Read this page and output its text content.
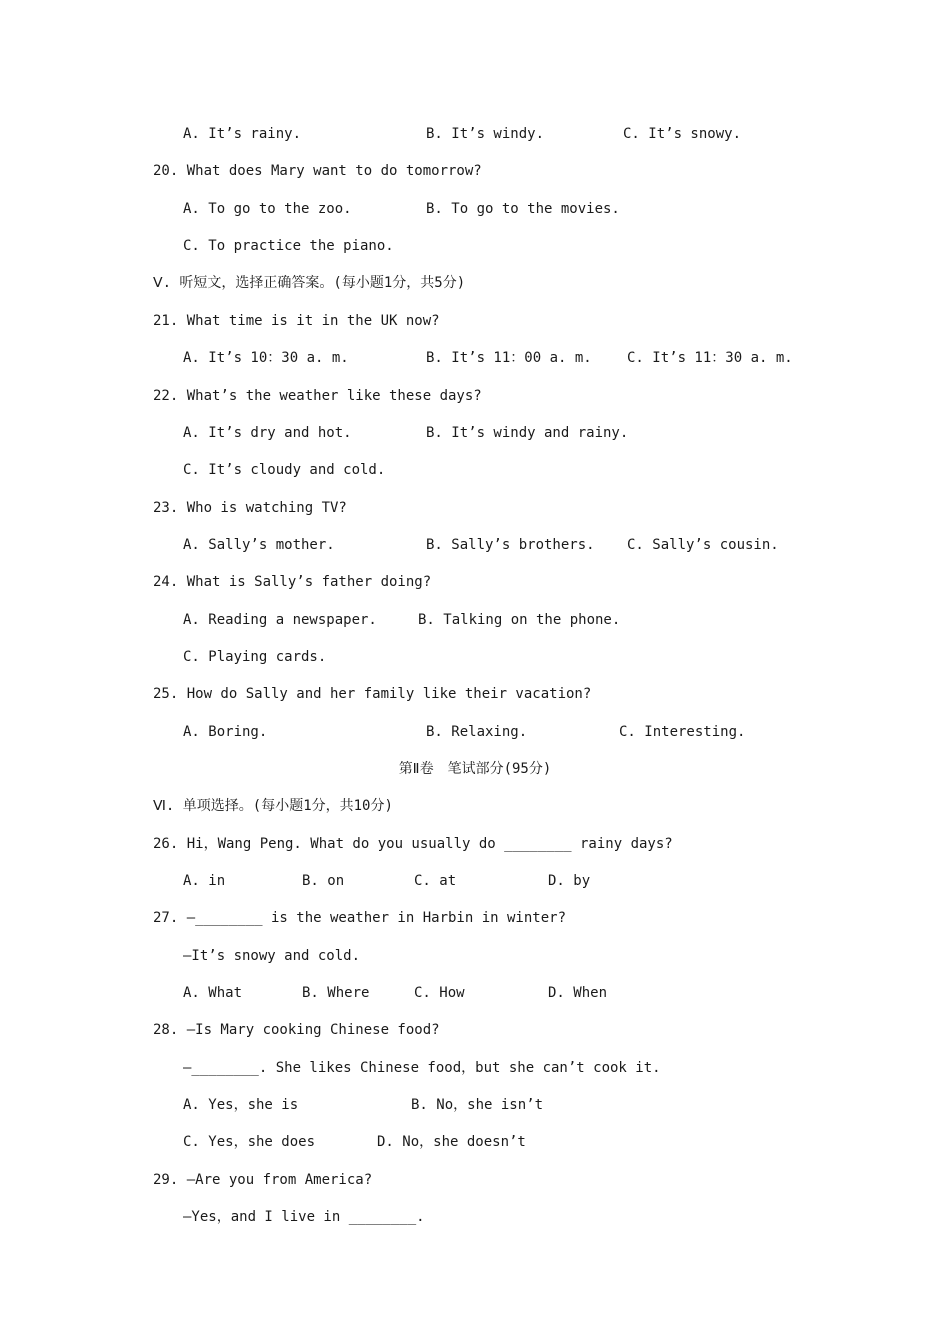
A. It’s rainy.	B. It’s windy.	C. It’s snowy.
20. What does Mary want to do tomorrow?
A. To go to the zoo.	B. To go to the movies.
C. To practice the piano.
Ⅴ. 听短文，选择正确答案。(每小题1分，共5分)
21. What time is it in the UK now?
A. It’s 10：30 a. m.	B. It’s 11：00 a. m.	C. It’s 11：30 a. m.
22. What’s the weather like these days?
A. It’s dry and hot.	B. It’s windy and rainy.
C. It’s cloudy and cold.
23. Who is watching TV?
A. Sally’s mother.	B. Sally’s brothers. C. Sally’s cousin.
24. What is Sally’s father doing?
A. Reading a newspaper.	B. Talking on the phone.
C. Playing cards.
25. How do Sally and her family like their vacation?
A. Boring.	B. Relaxing.	C. Interesting.
第Ⅱ卷　笔试部分(95分)
Ⅵ. 单项选择。(每小题1分，共10分)
26. Hi，Wang Peng. What do you usually do ________ rainy days?
A. in	B. on	C. at	D. by
27. —________ is the weather in Harbin in winter?
—It’s snowy and cold.
A. What	B. Where	C. How	D. When
28. —Is Mary cooking Chinese food?
—________. She likes Chinese food，but she can’t cook it.
A. Yes，she is	B. No，she isn’t
C. Yes，she does	D. No，she doesn’t
29. —Are you from America?
—Yes，and I live in ________.
